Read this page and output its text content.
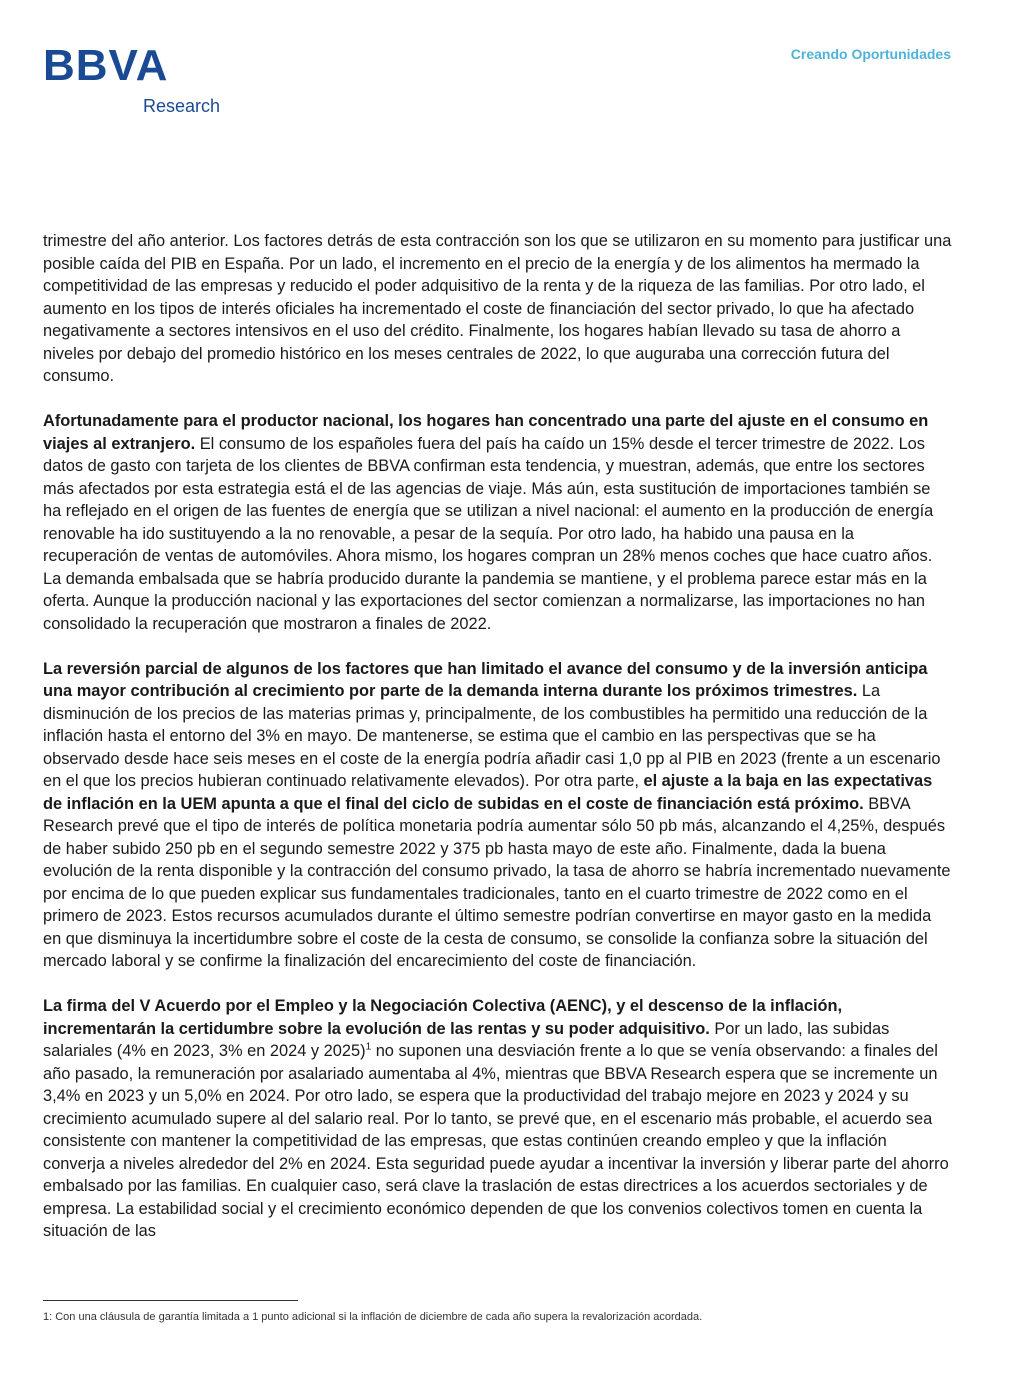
BBVA
Research
Creando Oportunidades

trimestre del año anterior. Los factores detrás de esta contracción son los que se utilizaron en su momento para justificar una posible caída del PIB en España. Por un lado, el incremento en el precio de la energía y de los alimentos ha mermado la competitividad de las empresas y reducido el poder adquisitivo de la renta y de la riqueza de las familias. Por otro lado, el aumento en los tipos de interés oficiales ha incrementado el coste de financiación del sector privado, lo que ha afectado negativamente a sectores intensivos en el uso del crédito. Finalmente, los hogares habían llevado su tasa de ahorro a niveles por debajo del promedio histórico en los meses centrales de 2022, lo que auguraba una corrección futura del consumo.

Afortunadamente para el productor nacional, los hogares han concentrado una parte del ajuste en el consumo en viajes al extranjero. El consumo de los españoles fuera del país ha caído un 15% desde el tercer trimestre de 2022. Los datos de gasto con tarjeta de los clientes de BBVA confirman esta tendencia, y muestran, además, que entre los sectores más afectados por esta estrategia está el de las agencias de viaje. Más aún, esta sustitución de importaciones también se ha reflejado en el origen de las fuentes de energía que se utilizan a nivel nacional: el aumento en la producción de energía renovable ha ido sustituyendo a la no renovable, a pesar de la sequía. Por otro lado, ha habido una pausa en la recuperación de ventas de automóviles. Ahora mismo, los hogares compran un 28% menos coches que hace cuatro años. La demanda embalsada que se habría producido durante la pandemia se mantiene, y el problema parece estar más en la oferta. Aunque la producción nacional y las exportaciones del sector comienzan a normalizarse, las importaciones no han consolidado la recuperación que mostraron a finales de 2022.

La reversión parcial de algunos de los factores que han limitado el avance del consumo y de la inversión anticipa una mayor contribución al crecimiento por parte de la demanda interna durante los próximos trimestres. La disminución de los precios de las materias primas y, principalmente, de los combustibles ha permitido una reducción de la inflación hasta el entorno del 3% en mayo. De mantenerse, se estima que el cambio en las perspectivas que se ha observado desde hace seis meses en el coste de la energía podría añadir casi 1,0 pp al PIB en 2023 (frente a un escenario en el que los precios hubieran continuado relativamente elevados). Por otra parte, el ajuste a la baja en las expectativas de inflación en la UEM apunta a que el final del ciclo de subidas en el coste de financiación está próximo. BBVA Research prevé que el tipo de interés de política monetaria podría aumentar sólo 50 pb más, alcanzando el 4,25%, después de haber subido 250 pb en el segundo semestre 2022 y 375 pb hasta mayo de este año. Finalmente, dada la buena evolución de la renta disponible y la contracción del consumo privado, la tasa de ahorro se habría incrementado nuevamente por encima de lo que pueden explicar sus fundamentales tradicionales, tanto en el cuarto trimestre de 2022 como en el primero de 2023. Estos recursos acumulados durante el último semestre podrían convertirse en mayor gasto en la medida en que disminuya la incertidumbre sobre el coste de la cesta de consumo, se consolide la confianza sobre la situación del mercado laboral y se confirme la finalización del encarecimiento del coste de financiación.

La firma del V Acuerdo por el Empleo y la Negociación Colectiva (AENC), y el descenso de la inflación, incrementarán la certidumbre sobre la evolución de las rentas y su poder adquisitivo. Por un lado, las subidas salariales (4% en 2023, 3% en 2024 y 2025)$^1$ no suponen una desviación frente a lo que se venía observando: a finales del año pasado, la remuneración por asalariado aumentaba al 4%, mientras que BBVA Research espera que se incremente un 3,4% en 2023 y un 5,0% en 2024. Por otro lado, se espera que la productividad del trabajo mejore en 2023 y 2024 y su crecimiento acumulado supere al del salario real. Por lo tanto, se prevé que, en el escenario más probable, el acuerdo sea consistente con mantener la competitividad de las empresas, que estas continúen creando empleo y que la inflación converja a niveles alrededor del 2% en 2024. Esta seguridad puede ayudar a incentivar la inversión y liberar parte del ahorro embalsado por las familias. En cualquier caso, será clave la traslación de estas directrices a los acuerdos sectoriales y de empresa. La estabilidad social y el crecimiento económico dependen de que los convenios colectivos tomen en cuenta la situación de las

1: Con una cláusula de garantía limitada a 1 punto adicional si la inflación de diciembre de cada año supera la revalorización acordada.
